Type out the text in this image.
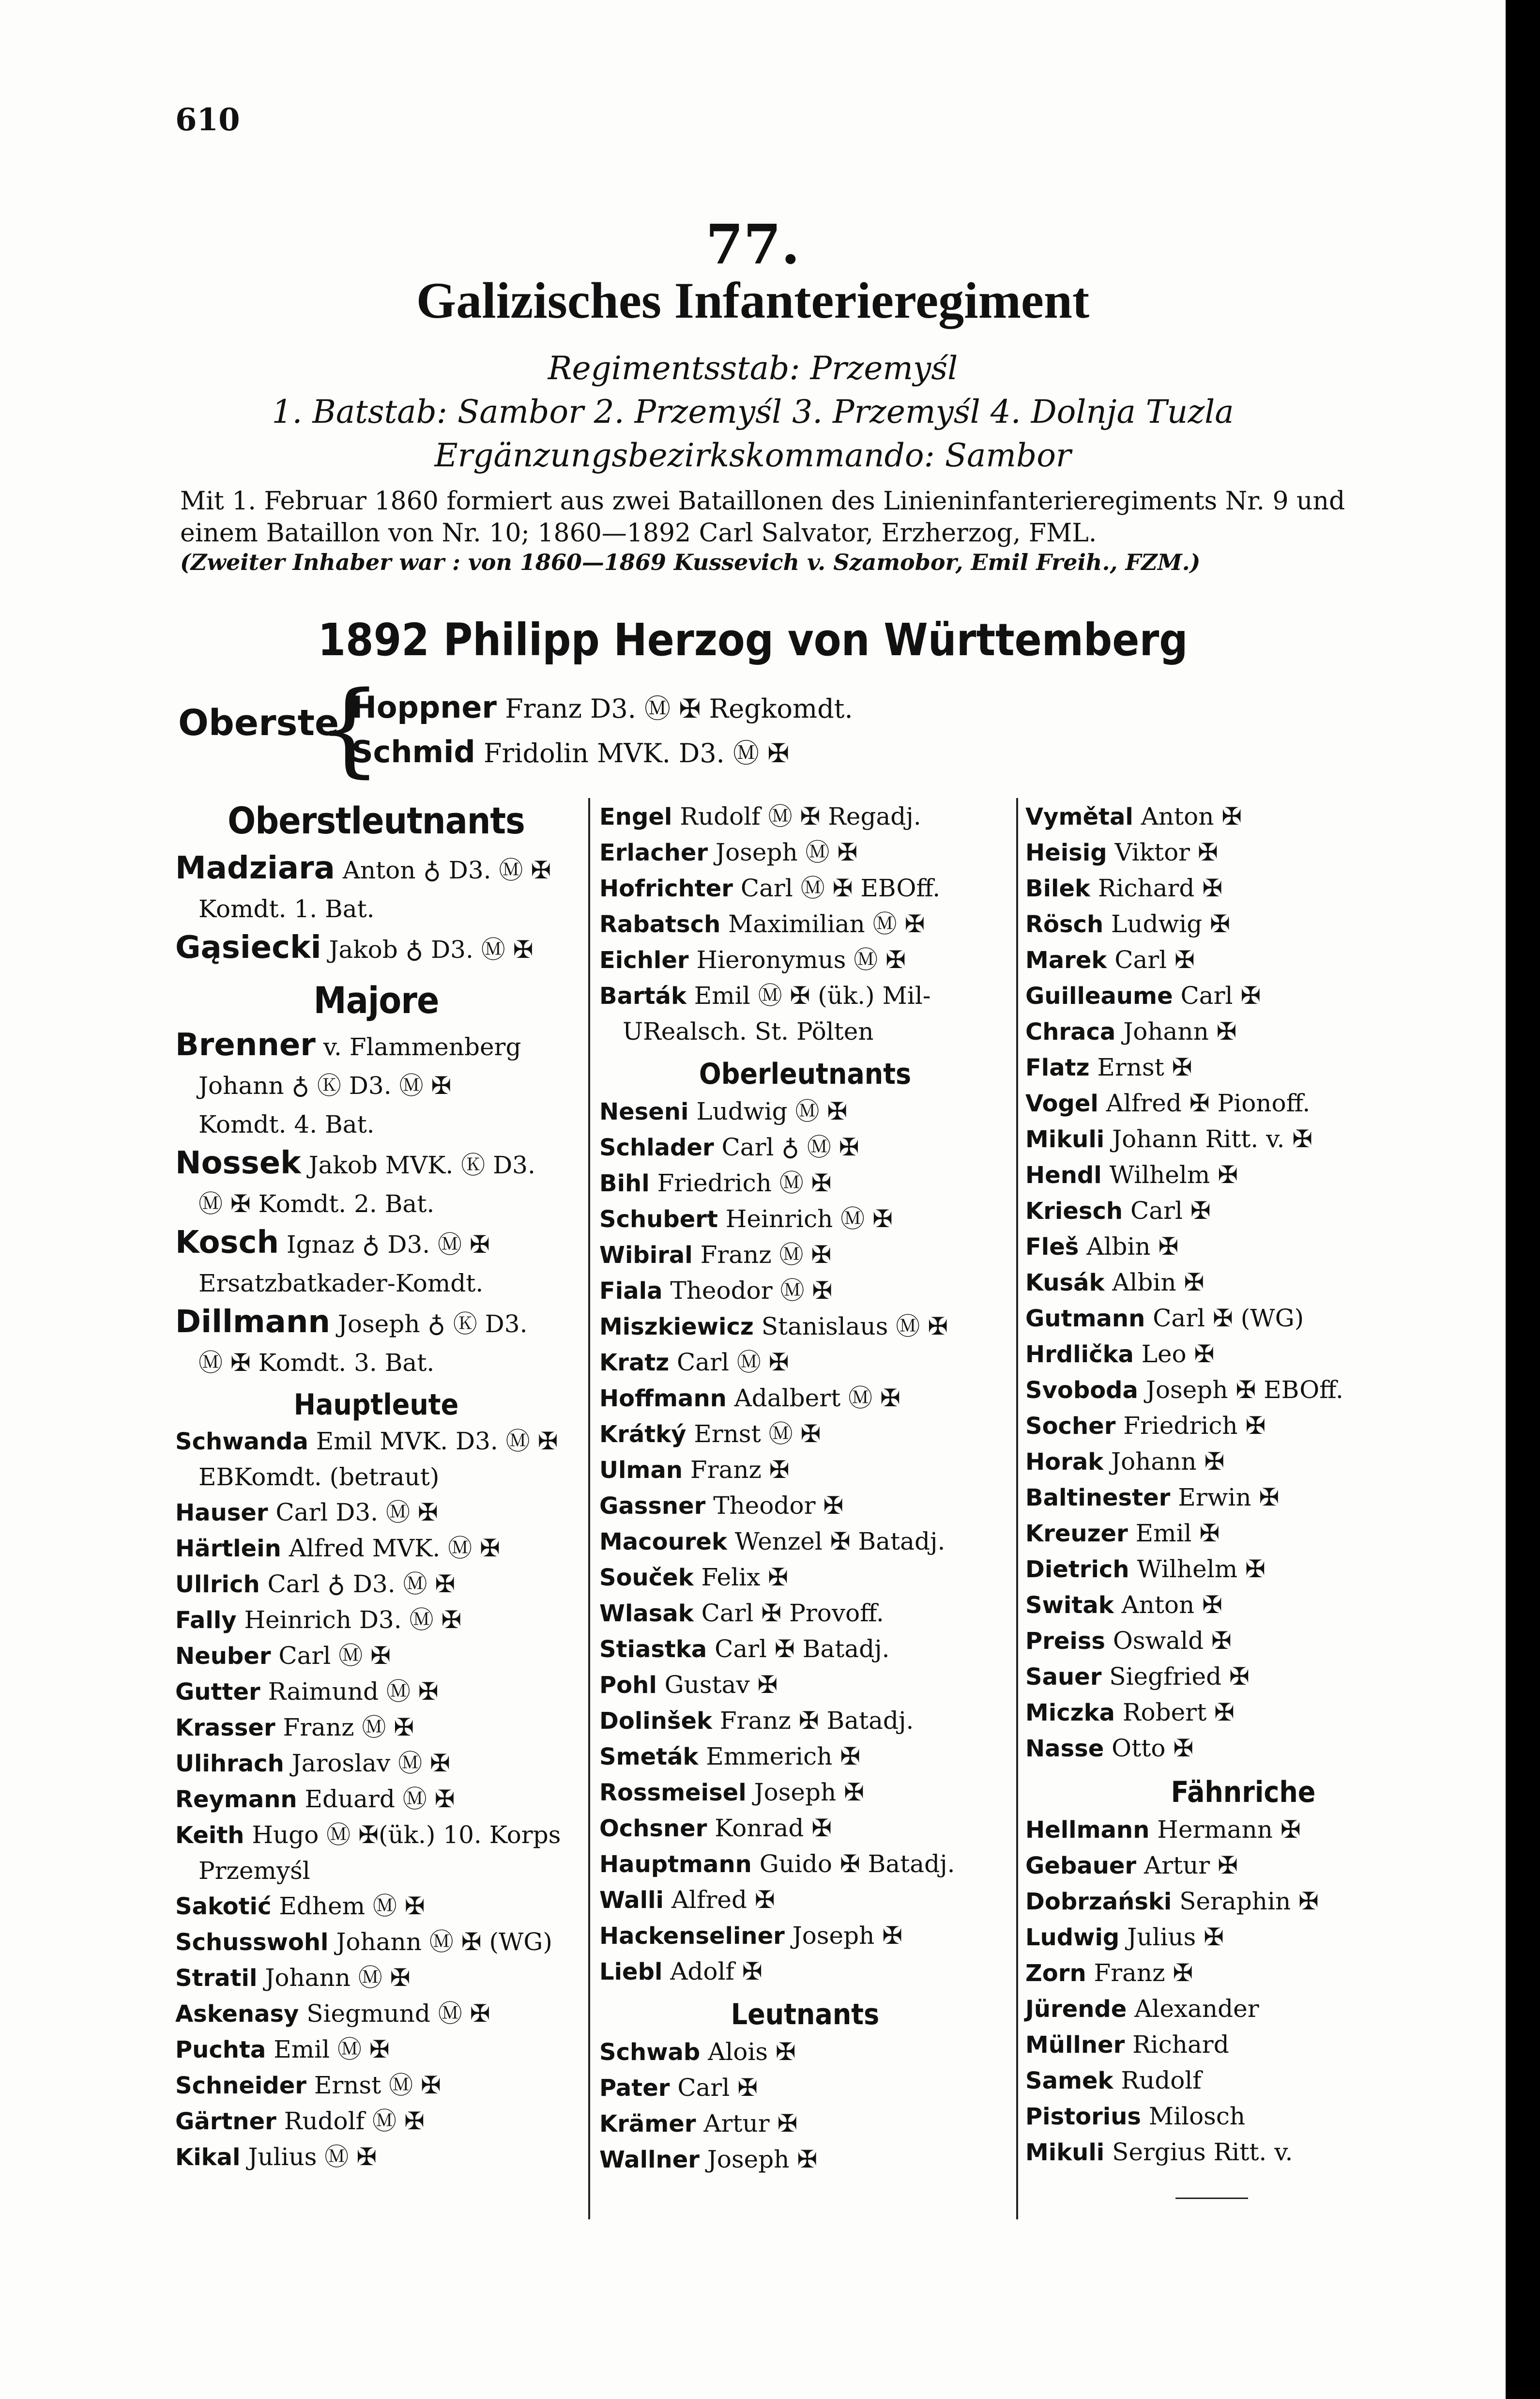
610
77.
Galizisches Infanterieregiment
Regimentsstab: Przemyśl
1. Batstab: Sambor 2. Przemyśl 3. Przemyśl 4. Dolnja Tuzla
Ergänzungsbezirkskommando: Sambor
Mit 1. Februar 1860 formiert aus zwei Bataillonen des Linieninfanterieregiments Nr. 9 und
einem Bataillon von Nr. 10; 1860—1892 Carl Salvator, Erzherzog, FML.
(Zweiter Inhaber war : von 1860—1869 Kussevich v. Szamobor, Emil Freih., FZM.)
1892 Philipp Herzog von Württemberg
Oberste
{
Hoppner Franz D3. Ⓜ ✠ Regkomdt.
Schmid Fridolin MVK. D3. Ⓜ ✠
Oberstleutnants
Madziara Anton ♁ D3. Ⓜ ✠
Komdt. 1. Bat.
Gąsiecki Jakob ♁ D3. Ⓜ ✠
Majore
Brenner v. Flammenberg
Johann ♁ Ⓚ D3. Ⓜ ✠
Komdt. 4. Bat.
Nossek Jakob MVK. Ⓚ D3.
Ⓜ ✠ Komdt. 2. Bat.
Kosch Ignaz ♁ D3. Ⓜ ✠
Ersatzbatkader-Komdt.
Dillmann Joseph ♁ Ⓚ D3.
Ⓜ ✠ Komdt. 3. Bat.
Hauptleute
Schwanda Emil MVK. D3. Ⓜ ✠
EBKomdt. (betraut)
Hauser Carl D3. Ⓜ ✠
Härtlein Alfred MVK. Ⓜ ✠
Ullrich Carl ♁ D3. Ⓜ ✠
Fally Heinrich D3. Ⓜ ✠
Neuber Carl Ⓜ ✠
Gutter Raimund Ⓜ ✠
Krasser Franz Ⓜ ✠
Ulihrach Jaroslav Ⓜ ✠
Reymann Eduard Ⓜ ✠
Keith Hugo Ⓜ ✠(ük.) 10. Korps
Przemyśl
Sakotić Edhem Ⓜ ✠
Schusswohl Johann Ⓜ ✠ (WG)
Stratil Johann Ⓜ ✠
Askenasy Siegmund Ⓜ ✠
Puchta Emil Ⓜ ✠
Schneider Ernst Ⓜ ✠
Gärtner Rudolf Ⓜ ✠
Kikal Julius Ⓜ ✠
Engel Rudolf Ⓜ ✠ Regadj.
Erlacher Joseph Ⓜ ✠
Hofrichter Carl Ⓜ ✠ EBOff.
Rabatsch Maximilian Ⓜ ✠
Eichler Hieronymus Ⓜ ✠
Barták Emil Ⓜ ✠ (ük.) Mil-
URealsch. St. Pölten
Oberleutnants
Neseni Ludwig Ⓜ ✠
Schlader Carl ♁ Ⓜ ✠
Bihl Friedrich Ⓜ ✠
Schubert Heinrich Ⓜ ✠
Wibiral Franz Ⓜ ✠
Fiala Theodor Ⓜ ✠
Miszkiewicz Stanislaus Ⓜ ✠
Kratz Carl Ⓜ ✠
Hoffmann Adalbert Ⓜ ✠
Krátký Ernst Ⓜ ✠
Ulman Franz ✠
Gassner Theodor ✠
Macourek Wenzel ✠ Batadj.
Souček Felix ✠
Wlasak Carl ✠ Provoff.
Stiastka Carl ✠ Batadj.
Pohl Gustav ✠
Dolinšek Franz ✠ Batadj.
Smeták Emmerich ✠
Rossmeisel Joseph ✠
Ochsner Konrad ✠
Hauptmann Guido ✠ Batadj.
Walli Alfred ✠
Hackenseliner Joseph ✠
Liebl Adolf ✠
Leutnants
Schwab Alois ✠
Pater Carl ✠
Krämer Artur ✠
Wallner Joseph ✠
Vymětal Anton ✠
Heisig Viktor ✠
Bilek Richard ✠
Rösch Ludwig ✠
Marek Carl ✠
Guilleaume Carl ✠
Chraca Johann ✠
Flatz Ernst ✠
Vogel Alfred ✠ Pionoff.
Mikuli Johann Ritt. v. ✠
Hendl Wilhelm ✠
Kriesch Carl ✠
Fleš Albin ✠
Kusák Albin ✠
Gutmann Carl ✠ (WG)
Hrdlička Leo ✠
Svoboda Joseph ✠ EBOff.
Socher Friedrich ✠
Horak Johann ✠
Baltinester Erwin ✠
Kreuzer Emil ✠
Dietrich Wilhelm ✠
Switak Anton ✠
Preiss Oswald ✠
Sauer Siegfried ✠
Miczka Robert ✠
Nasse Otto ✠
Fähnriche
Hellmann Hermann ✠
Gebauer Artur ✠
Dobrzański Seraphin ✠
Ludwig Julius ✠
Zorn Franz ✠
Jürende Alexander
Müllner Richard
Samek Rudolf
Pistorius Milosch
Mikuli Sergius Ritt. v.
